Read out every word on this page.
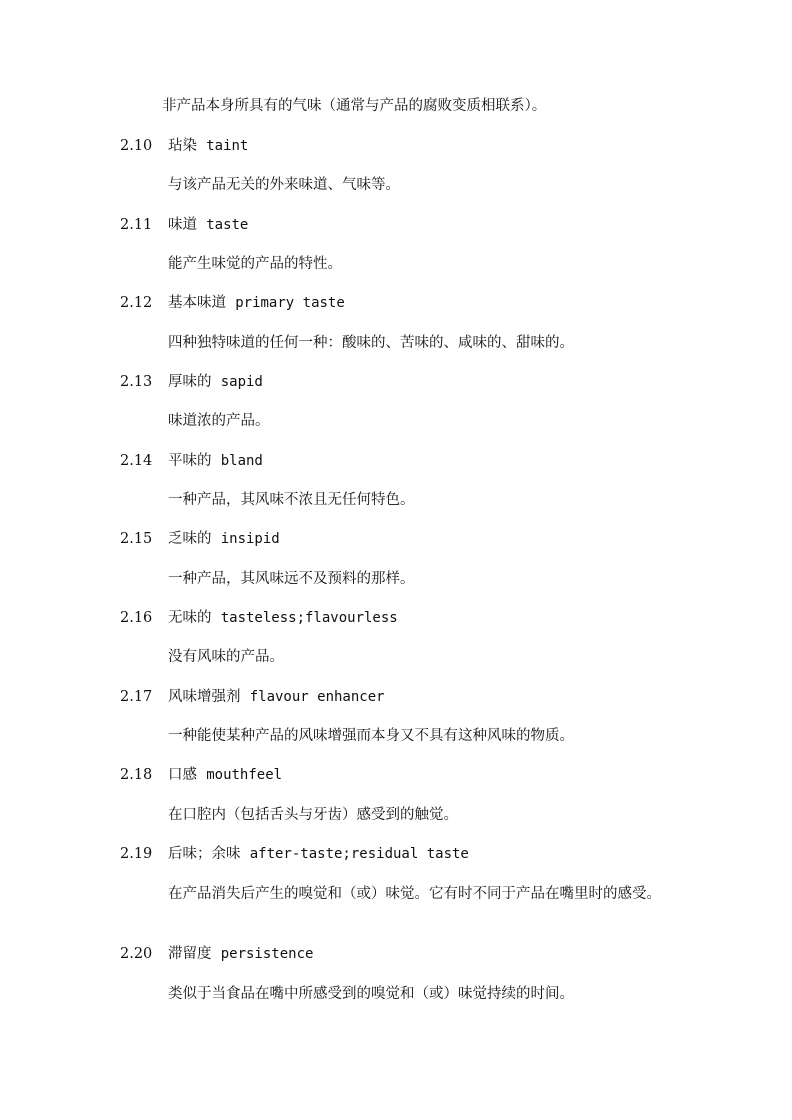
非产品本身所具有的气味（通常与产品的腐败变质相联系）。
2.10 玷染 taint
与该产品无关的外来味道、气味等。
2.11 味道 taste
能产生味觉的产品的特性。
2.12 基本味道 primary taste
四种独特味道的任何一种：酸味的、苦味的、咸味的、甜味的。
2.13 厚味的 sapid
味道浓的产品。
2.14 平味的 bland
一种产品，其风味不浓且无任何特色。
2.15 乏味的 insipid
一种产品，其风味远不及预料的那样。
2.16 无味的 tasteless;flavourless
没有风味的产品。
2.17 风味增强剂 flavour enhancer
一种能使某种产品的风味增强而本身又不具有这种风味的物质。
2.18 口感 mouthfeel
在口腔内（包括舌头与牙齿）感受到的触觉。
2.19 后味；余味 after-taste;residual taste
在产品消失后产生的嗅觉和（或）味觉。它有时不同于产品在嘴里时的感受。
2.20 滞留度 persistence
类似于当食品在嘴中所感受到的嗅觉和（或）味觉持续的时间。
